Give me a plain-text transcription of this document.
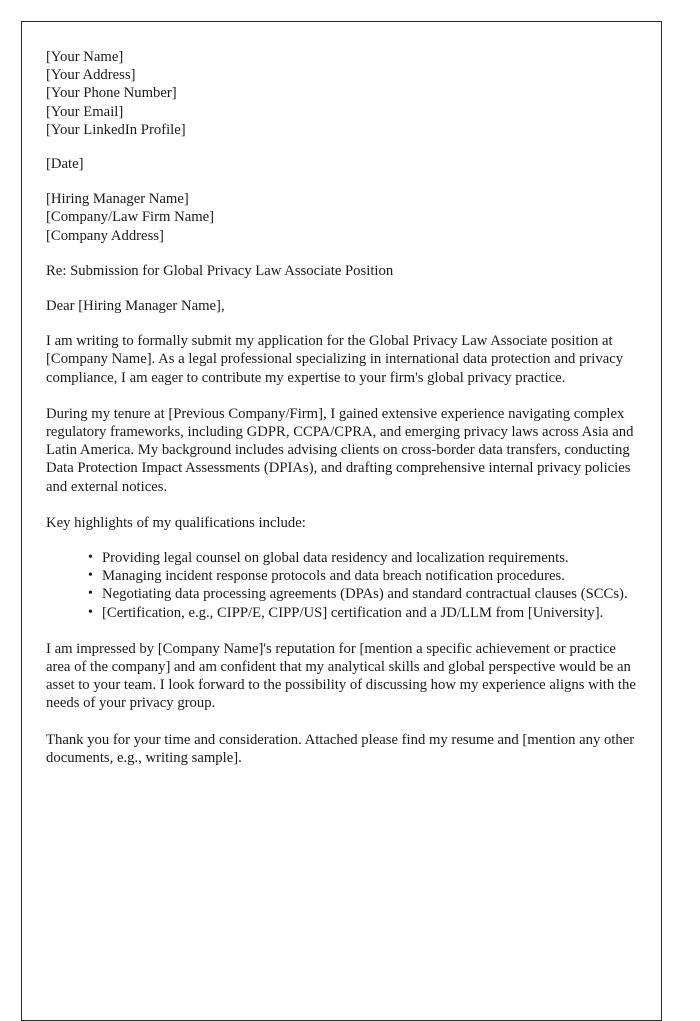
[Your Name]
[Your Address]
[Your Phone Number]
[Your Email]
[Your LinkedIn Profile]
[Date]
[Hiring Manager Name]
[Company/Law Firm Name]
[Company Address]

Re: Submission for Global Privacy Law Associate Position

Dear [Hiring Manager Name],

I am writing to formally submit my application for the Global Privacy Law Associate position at [Company Name]. As a legal professional specializing in international data protection and privacy compliance, I am eager to contribute my expertise to your firm's global privacy practice.

During my tenure at [Previous Company/Firm], I gained extensive experience navigating complex regulatory frameworks, including GDPR, CCPA/CPRA, and emerging privacy laws across Asia and Latin America. My background includes advising clients on cross-border data transfers, conducting Data Protection Impact Assessments (DPIAs), and drafting comprehensive internal privacy policies and external notices.

Key highlights of my qualifications include:

• Providing legal counsel on global data residency and localization requirements.
• Managing incident response protocols and data breach notification procedures.
• Negotiating data processing agreements (DPAs) and standard contractual clauses (SCCs).
• [Certification, e.g., CIPP/E, CIPP/US] certification and a JD/LLM from [University].

I am impressed by [Company Name]'s reputation for [mention a specific achievement or practice area of the company] and am confident that my analytical skills and global perspective would be an asset to your team. I look forward to the possibility of discussing how my experience aligns with the needs of your privacy group.

Thank you for your time and consideration. Attached please find my resume and [mention any other documents, e.g., writing sample].
